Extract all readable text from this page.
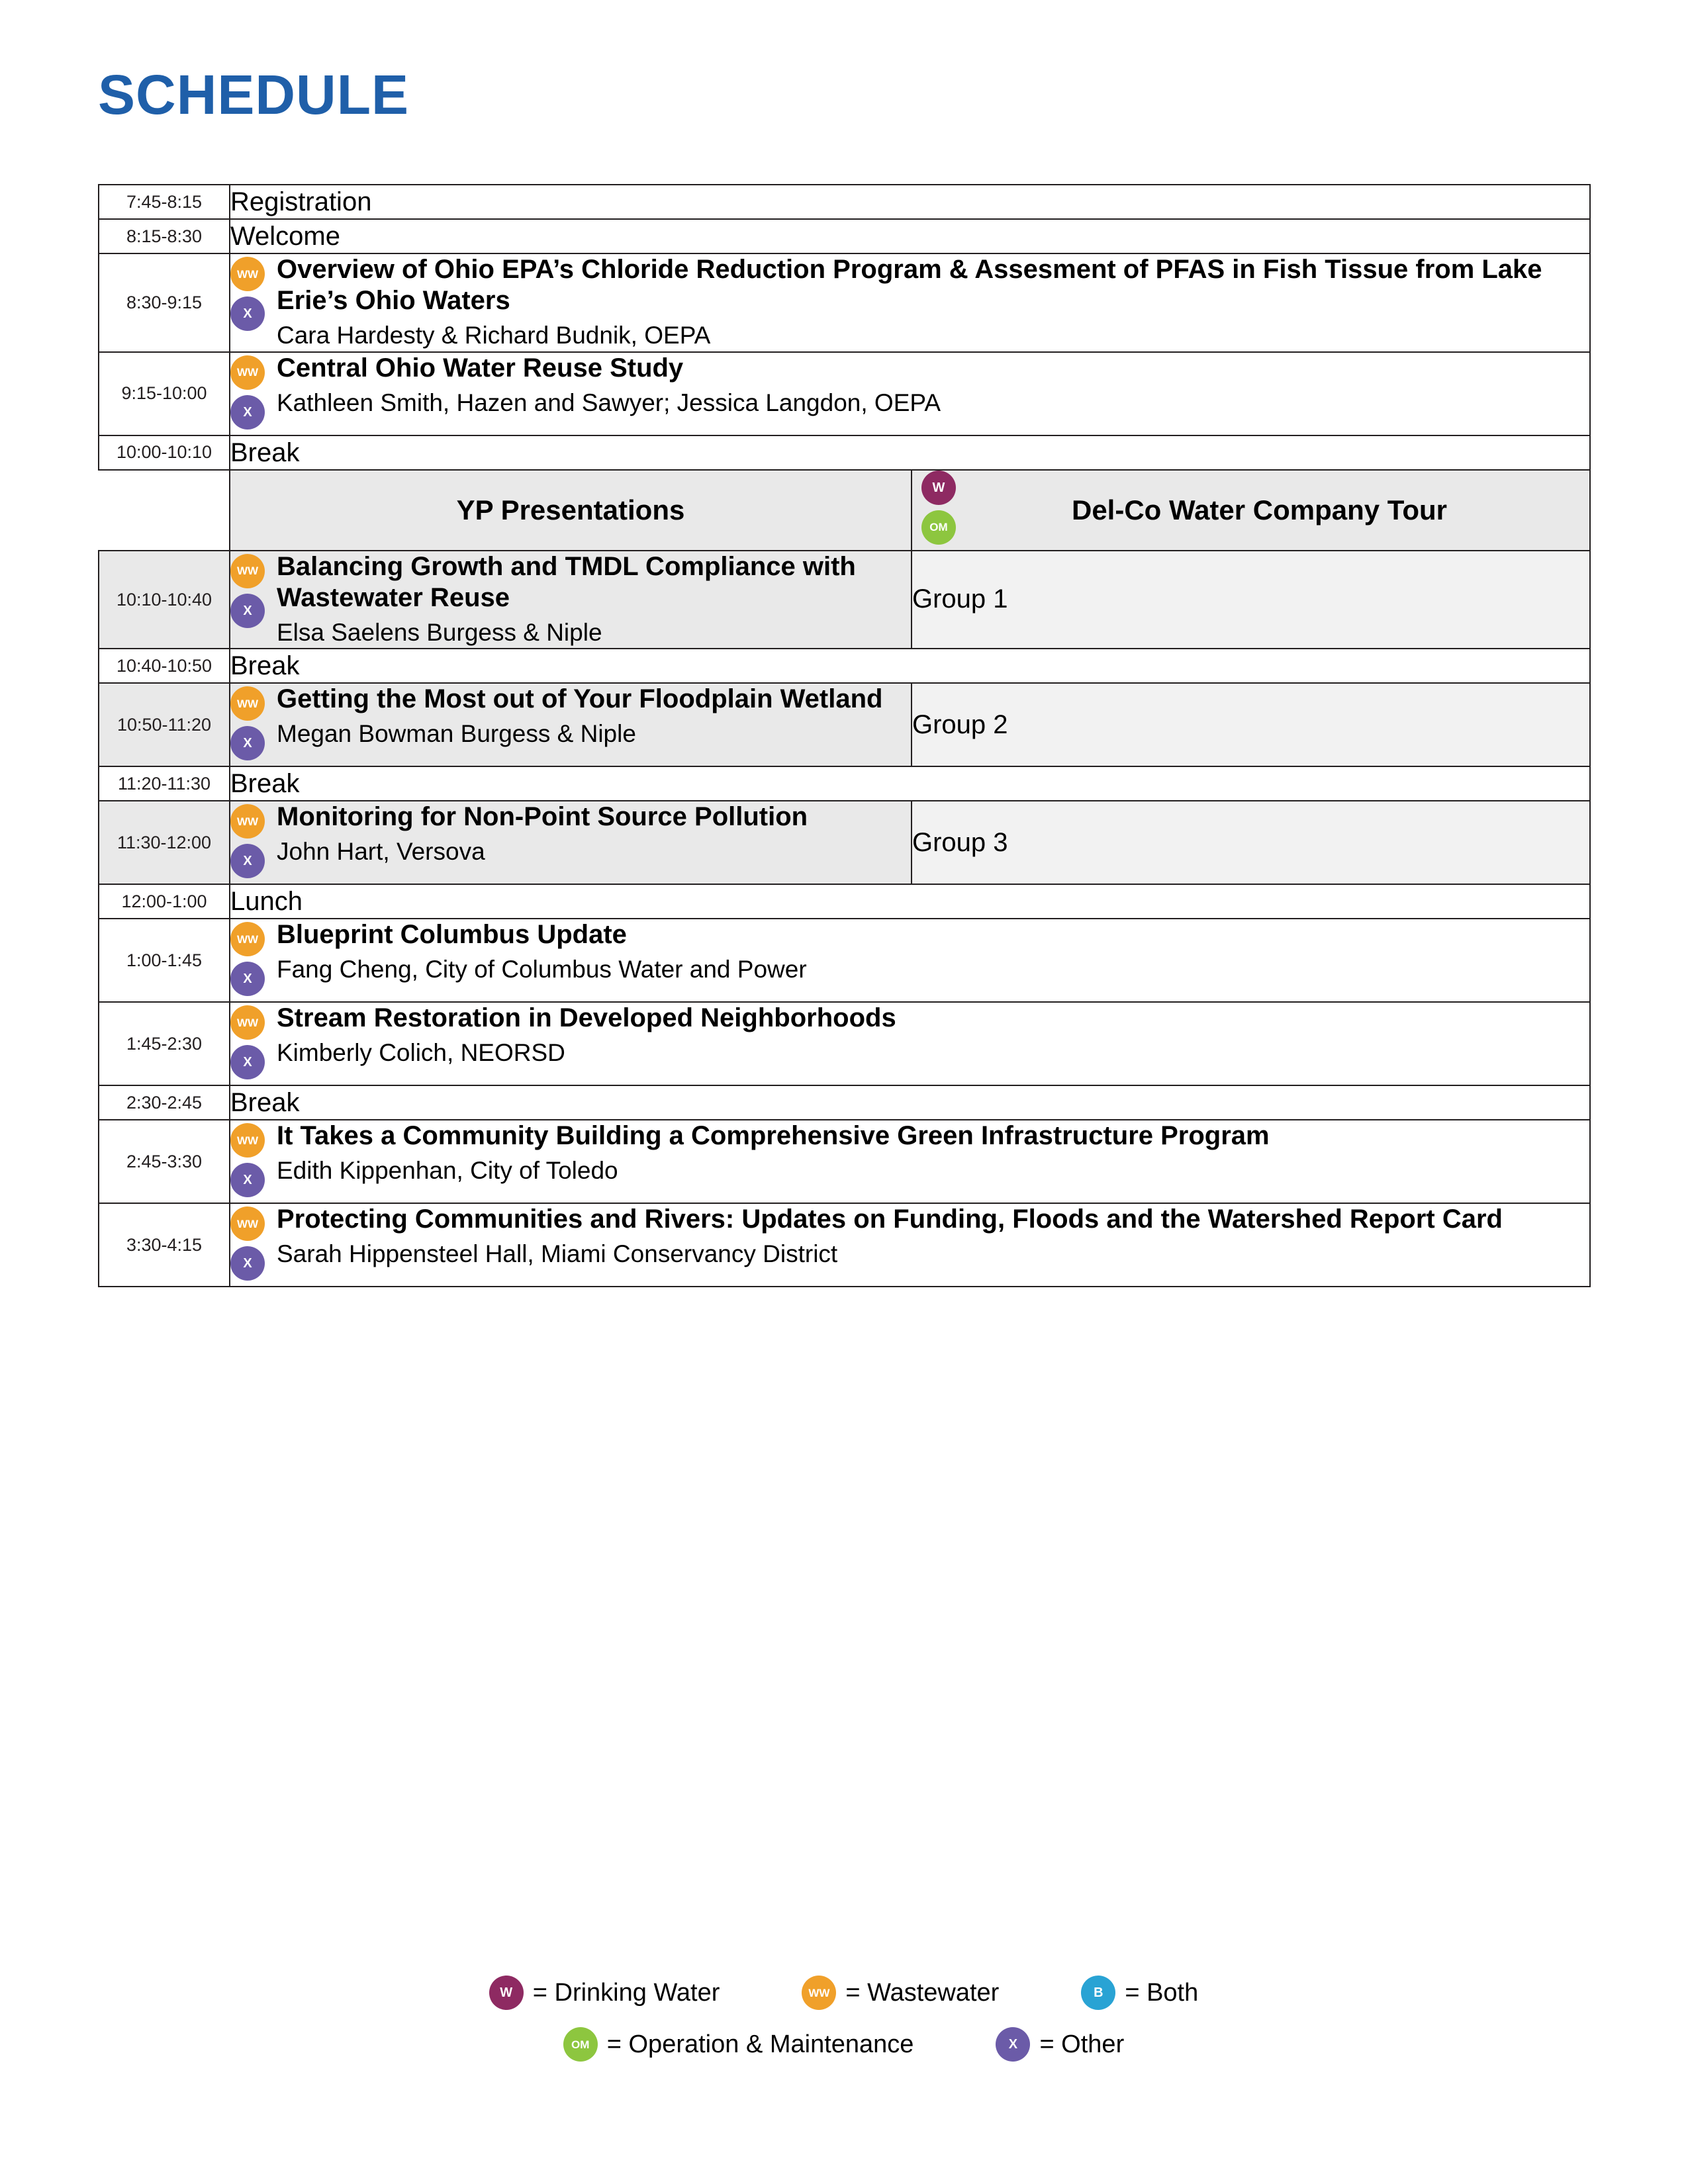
SCHEDULE
7:45-8:15	Registration	
8:15-8:30	Welcome	
8:30-9:15	WW
X
Overview of Ohio EPA’s Chloride Reduction Program & Assesment of PFAS in Fish Tissue from Lake Erie’s Ohio Waters
Cara Hardesty & Richard Budnik, OEPA	

9:15-10:00	WW
X
Central Ohio Water Reuse Study
Kathleen Smith, Hazen and Sawyer; Jessica Langdon, OEPA	

10:00-10:10	Break	
	YP Presentations	W
OM
Del-Co Water Company Tour

10:10-10:40	WW
X
Balancing Growth and TMDL Compliance with Wastewater Reuse
Elsa Saelens Burgess & Niple	Group 1
10:40-10:50	Break	
10:50-11:20	WW
X
Getting the Most out of Your Floodplain Wetland
Megan Bowman Burgess & Niple	Group 2
11:20-11:30	Break	
11:30-12:00	WW
X
Monitoring for Non-Point Source Pollution
John Hart, Versova	Group 3
12:00-1:00	Lunch	
1:00-1:45	WW
X
Blueprint Columbus Update
Fang Cheng, City of Columbus Water and Power	

1:45-2:30	WW
X
Stream Restoration in Developed Neighborhoods
Kimberly Colich, NEORSD	

2:30-2:45	Break	
2:45-3:30	WW
X
It Takes a Community Building a Comprehensive Green Infrastructure Program
Edith Kippenhan, City of Toledo	

3:30-4:15	WW
X
Protecting Communities and Rivers: Updates on Funding, Floods and the Watershed Report Card
Sarah Hippensteel Hall, Miami Conservancy District	
W = Drinking Water	WW = Wastewater	B = Both
OM = Operation & Maintenance	X = Other
